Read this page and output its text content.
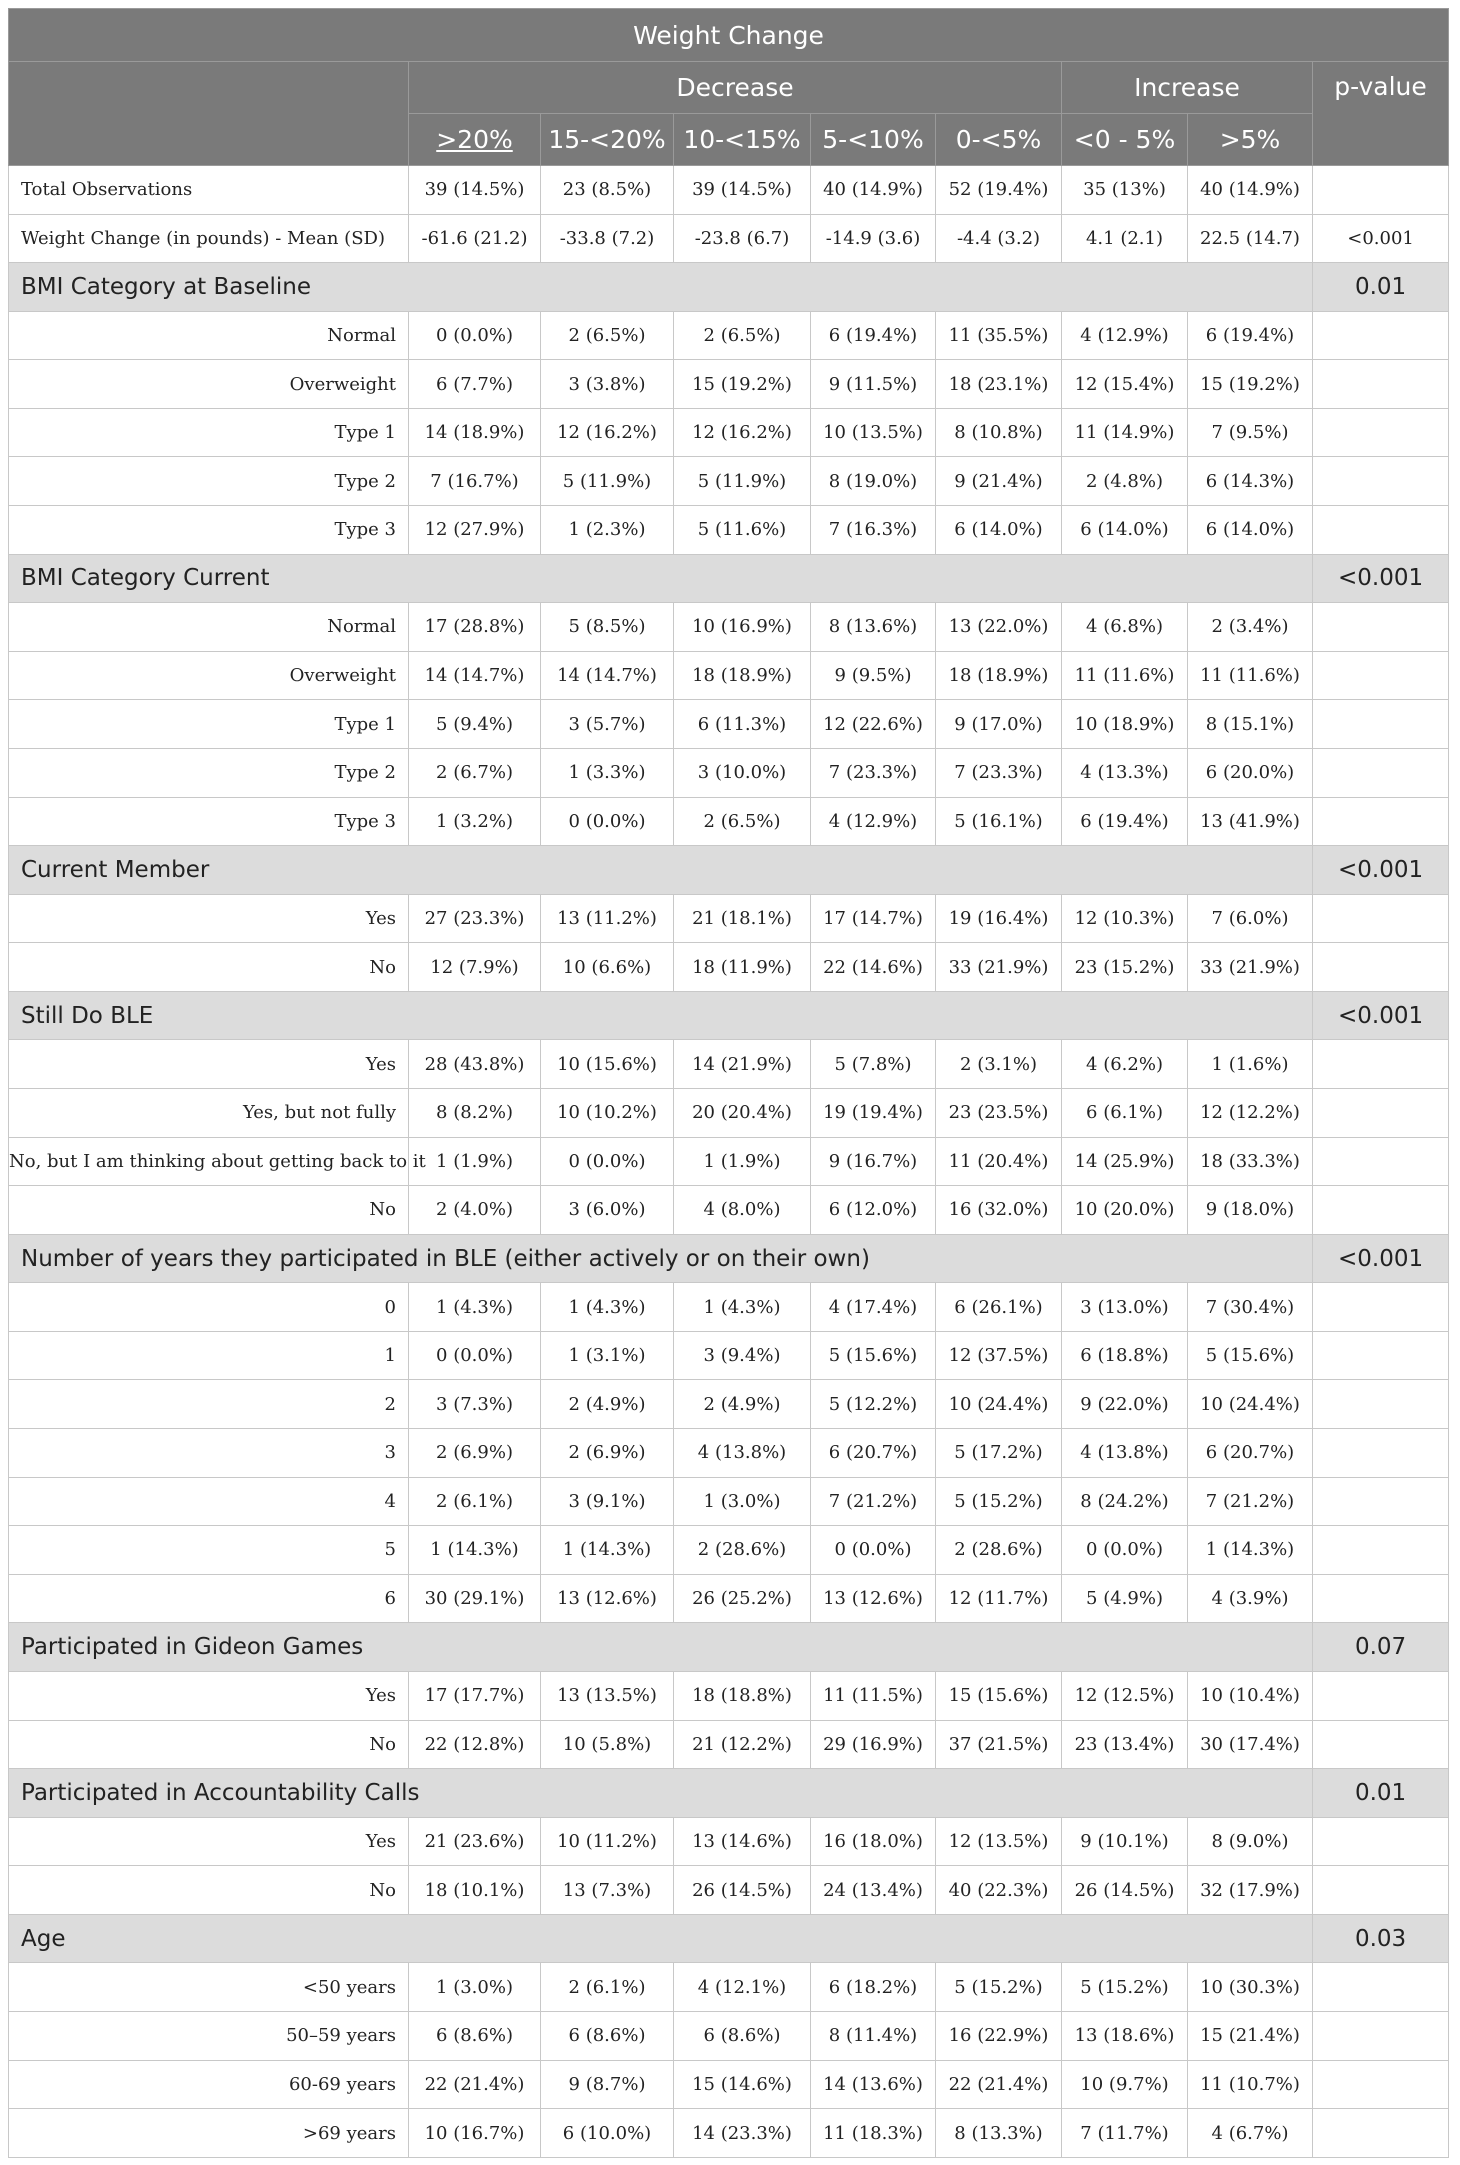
Weight Change								
	Decrease					Increase		p-value
	>20%	15-<20%	10-<15%	5-<10%	0-<5%	<0 - 5%	>5%	
Total Observations	39 (14.5%)	23 (8.5%)	39 (14.5%)	40 (14.9%)	52 (19.4%)	35 (13%)	40 (14.9%)	
Weight Change (in pounds) - Mean (SD)	-61.6 (21.2)	-33.8 (7.2)	-23.8 (6.7)	-14.9 (3.6)	-4.4 (3.2)	4.1 (2.1)	22.5 (14.7)	<0.001
BMI Category at Baseline								0.01
Normal	0 (0.0%)	2 (6.5%)	2 (6.5%)	6 (19.4%)	11 (35.5%)	4 (12.9%)	6 (19.4%)	
Overweight	6 (7.7%)	3 (3.8%)	15 (19.2%)	9 (11.5%)	18 (23.1%)	12 (15.4%)	15 (19.2%)	
Type 1	14 (18.9%)	12 (16.2%)	12 (16.2%)	10 (13.5%)	8 (10.8%)	11 (14.9%)	7 (9.5%)	
Type 2	7 (16.7%)	5 (11.9%)	5 (11.9%)	8 (19.0%)	9 (21.4%)	2 (4.8%)	6 (14.3%)	
Type 3	12 (27.9%)	1 (2.3%)	5 (11.6%)	7 (16.3%)	6 (14.0%)	6 (14.0%)	6 (14.0%)	
BMI Category Current								<0.001
Normal	17 (28.8%)	5 (8.5%)	10 (16.9%)	8 (13.6%)	13 (22.0%)	4 (6.8%)	2 (3.4%)	
Overweight	14 (14.7%)	14 (14.7%)	18 (18.9%)	9 (9.5%)	18 (18.9%)	11 (11.6%)	11 (11.6%)	
Type 1	5 (9.4%)	3 (5.7%)	6 (11.3%)	12 (22.6%)	9 (17.0%)	10 (18.9%)	8 (15.1%)	
Type 2	2 (6.7%)	1 (3.3%)	3 (10.0%)	7 (23.3%)	7 (23.3%)	4 (13.3%)	6 (20.0%)	
Type 3	1 (3.2%)	0 (0.0%)	2 (6.5%)	4 (12.9%)	5 (16.1%)	6 (19.4%)	13 (41.9%)	
Current Member								<0.001
Yes	27 (23.3%)	13 (11.2%)	21 (18.1%)	17 (14.7%)	19 (16.4%)	12 (10.3%)	7 (6.0%)	
No	12 (7.9%)	10 (6.6%)	18 (11.9%)	22 (14.6%)	33 (21.9%)	23 (15.2%)	33 (21.9%)	
Still Do BLE								<0.001
Yes	28 (43.8%)	10 (15.6%)	14 (21.9%)	5 (7.8%)	2 (3.1%)	4 (6.2%)	1 (1.6%)	
Yes, but not fully	8 (8.2%)	10 (10.2%)	20 (20.4%)	19 (19.4%)	23 (23.5%)	6 (6.1%)	12 (12.2%)	
No, but I am thinking about getting back to it	1 (1.9%)	0 (0.0%)	1 (1.9%)	9 (16.7%)	11 (20.4%)	14 (25.9%)	18 (33.3%)	
No	2 (4.0%)	3 (6.0%)	4 (8.0%)	6 (12.0%)	16 (32.0%)	10 (20.0%)	9 (18.0%)	
Number of years they participated in BLE (either actively or on their own)								<0.001
0	1 (4.3%)	1 (4.3%)	1 (4.3%)	4 (17.4%)	6 (26.1%)	3 (13.0%)	7 (30.4%)	
1	0 (0.0%)	1 (3.1%)	3 (9.4%)	5 (15.6%)	12 (37.5%)	6 (18.8%)	5 (15.6%)	
2	3 (7.3%)	2 (4.9%)	2 (4.9%)	5 (12.2%)	10 (24.4%)	9 (22.0%)	10 (24.4%)	
3	2 (6.9%)	2 (6.9%)	4 (13.8%)	6 (20.7%)	5 (17.2%)	4 (13.8%)	6 (20.7%)	
4	2 (6.1%)	3 (9.1%)	1 (3.0%)	7 (21.2%)	5 (15.2%)	8 (24.2%)	7 (21.2%)	
5	1 (14.3%)	1 (14.3%)	2 (28.6%)	0 (0.0%)	2 (28.6%)	0 (0.0%)	1 (14.3%)	
6	30 (29.1%)	13 (12.6%)	26 (25.2%)	13 (12.6%)	12 (11.7%)	5 (4.9%)	4 (3.9%)	
Participated in Gideon Games								0.07
Yes	17 (17.7%)	13 (13.5%)	18 (18.8%)	11 (11.5%)	15 (15.6%)	12 (12.5%)	10 (10.4%)	
No	22 (12.8%)	10 (5.8%)	21 (12.2%)	29 (16.9%)	37 (21.5%)	23 (13.4%)	30 (17.4%)	
Participated in Accountability Calls								0.01
Yes	21 (23.6%)	10 (11.2%)	13 (14.6%)	16 (18.0%)	12 (13.5%)	9 (10.1%)	8 (9.0%)	
No	18 (10.1%)	13 (7.3%)	26 (14.5%)	24 (13.4%)	40 (22.3%)	26 (14.5%)	32 (17.9%)	
Age								0.03
<50 years	1 (3.0%)	2 (6.1%)	4 (12.1%)	6 (18.2%)	5 (15.2%)	5 (15.2%)	10 (30.3%)	
50–59 years	6 (8.6%)	6 (8.6%)	6 (8.6%)	8 (11.4%)	16 (22.9%)	13 (18.6%)	15 (21.4%)	
60-69 years	22 (21.4%)	9 (8.7%)	15 (14.6%)	14 (13.6%)	22 (21.4%)	10 (9.7%)	11 (10.7%)	
>69 years	10 (16.7%)	6 (10.0%)	14 (23.3%)	11 (18.3%)	8 (13.3%)	7 (11.7%)	4 (6.7%)	
